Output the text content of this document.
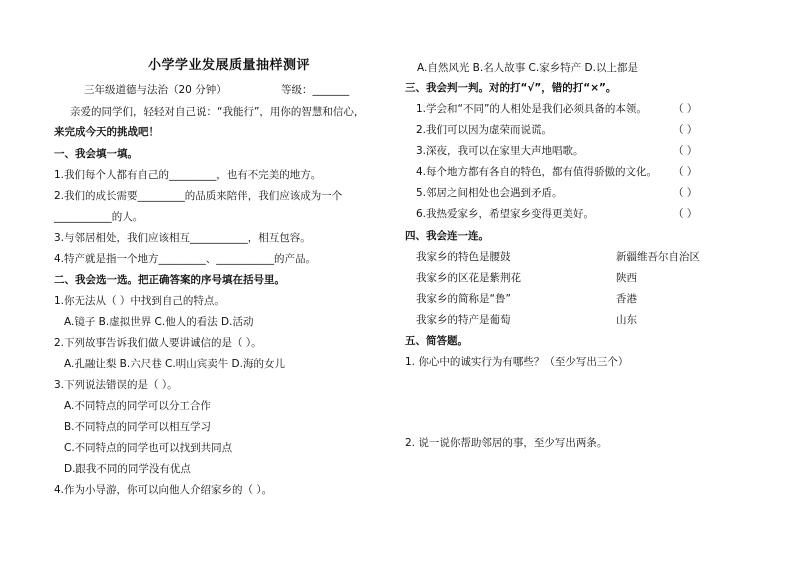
小学学业发展质量抽样测评
三年级道德与法治（20 分钟）	等级：_______
亲爱的同学们，轻轻对自己说：“我能行”，用你的智慧和信心，
来完成今天的挑战吧！
一、我会填一填。
1.我们每个人都有自己的_________，也有不完美的地方。
2.我们的成长需要_________的品质来陪伴，我们应该成为一个
___________的人。
3.与邻居相处，我们应该相互___________，相互包容。
4.特产就是指一个地方_________、___________的产品。
二、我会选一选。把正确答案的序号填在括号里。
1.你无法从（ ）中找到自己的特点。
A.镜子 B.虚拟世界 C.他人的看法 D.活动
2.下列故事告诉我们做人要讲诚信的是（ ）。
A.孔融让梨 B.六尺巷 C.明山宾卖牛 D.海的女儿
3.下列说法错误的是（ ）。
A.不同特点的同学可以分工合作
B.不同特点的同学可以相互学习
C.不同特点的同学也可以找到共同点
D.跟我不同的同学没有优点
4.作为小导游，你可以向他人介绍家乡的（ ）。
A.自然风光 B.名人故事 C.家乡特产 D.以上都是
三、我会判一判。对的打“√”，错的打“×”。
1.学会和“不同”的人相处是我们必须具备的本领。 （ ）
2.我们可以因为虚荣而说谎。	（ ）
3.深夜，我可以在家里大声地唱歌。	（ ）
4.每个地方都有各自的特色，都有值得骄傲的文化。 （ ）
5.邻居之间相处也会遇到矛盾。	（ ）
6.我热爱家乡，希望家乡变得更美好。	（ ）
四、我会连一连。
我家乡的特色是腰鼓	新疆维吾尔自治区
我家乡的区花是紫荆花	陕西
我家乡的简称是“鲁”	香港
我家乡的特产是葡萄	山东
五、简答题。
1. 你心中的诚实行为有哪些？（至少写出三个）
2. 说一说你帮助邻居的事，至少写出两条。
